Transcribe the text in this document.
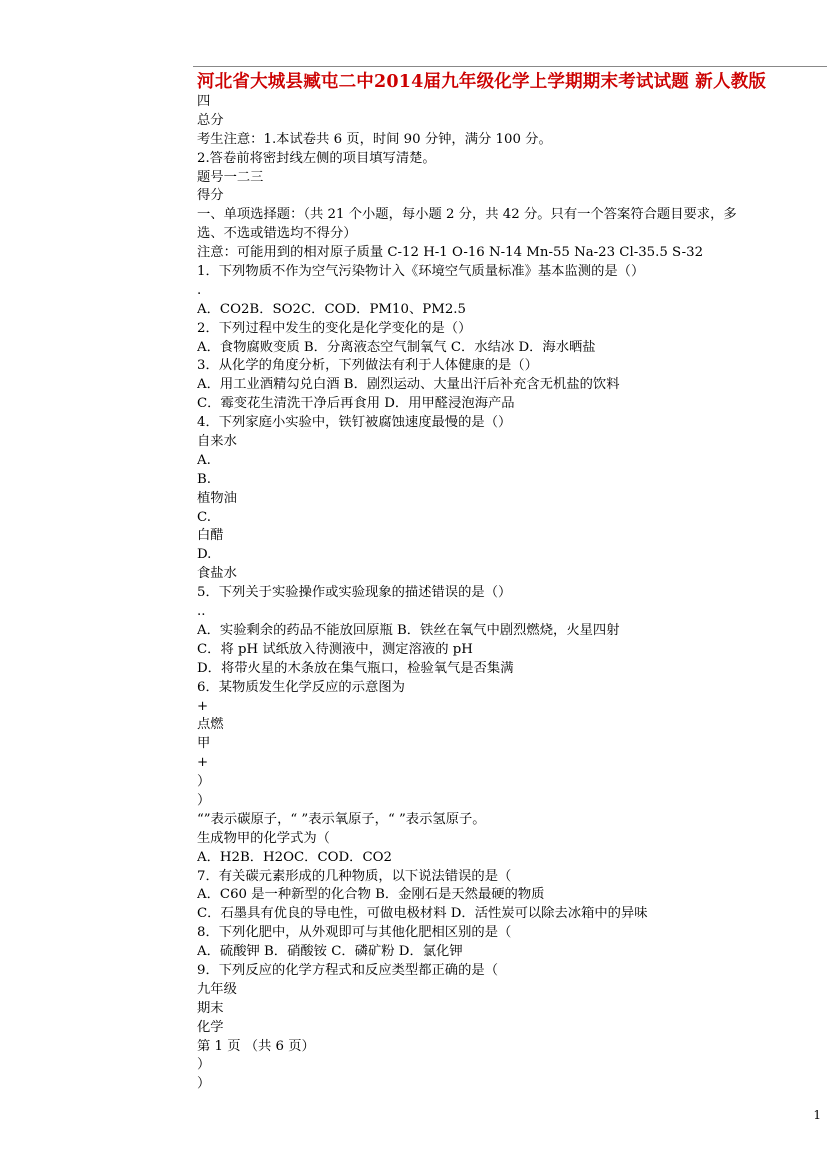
河北省大城县臧屯二中2014届九年级化学上学期期末考试试题 新人教版
四
总分
考生注意：1.本试卷共 6 页，时间 90 分钟，满分 100 分。
2.答卷前将密封线左侧的项目填写清楚。
题号一二三
得分
一、单项选择题：（共 21 个小题，每小题 2 分，共 42 分。只有一个答案符合题目要求，多
选、不选或错选均不得分）
注意：可能用到的相对原子质量 C-12 H-1 O-16 N-14 Mn-55 Na-23 Cl-35.5 S-32
1．下列物质不作为空气污染物计入《环境空气质量标准》基本监测的是（）
.
A．CO2B．SO2C．COD．PM10、PM2.5
2．下列过程中发生的变化是化学变化的是（）
A．食物腐败变质 B．分离液态空气制氧气 C．水结冰 D．海水晒盐
3．从化学的角度分析，下列做法有利于人体健康的是（）
A．用工业酒精勾兑白酒 B．剧烈运动、大量出汗后补充含无机盐的饮料
C．霉变花生清洗干净后再食用 D．用甲醛浸泡海产品
4．下列家庭小实验中，铁钉被腐蚀速度最慢的是（）
自来水
A.
B.
植物油
C.
白醋
D.
食盐水
5．下列关于实验操作或实验现象的描述错误的是（）
..
A．实验剩余的药品不能放回原瓶 B．铁丝在氧气中剧烈燃烧，火星四射
C．将 pH 试纸放入待测液中，测定溶液的 pH
D．将带火星的木条放在集气瓶口，检验氧气是否集满
6．某物质发生化学反应的示意图为
+
点燃
甲
+
）
）
“”表示碳原子，“ ”表示氧原子，“ ”表示氢原子。
生成物甲的化学式为（
A．H2B．H2OC．COD．CO2
7．有关碳元素形成的几种物质，以下说法错误的是（
A．C60 是一种新型的化合物 B．金刚石是天然最硬的物质
C．石墨具有优良的导电性，可做电极材料 D．活性炭可以除去冰箱中的异味
8．下列化肥中，从外观即可与其他化肥相区别的是（
A．硫酸钾 B．硝酸铵 C．磷矿粉 D．氯化钾
9．下列反应的化学方程式和反应类型都正确的是（
九年级
期末
化学
第 1 页 （共 6 页）
）
）
1
